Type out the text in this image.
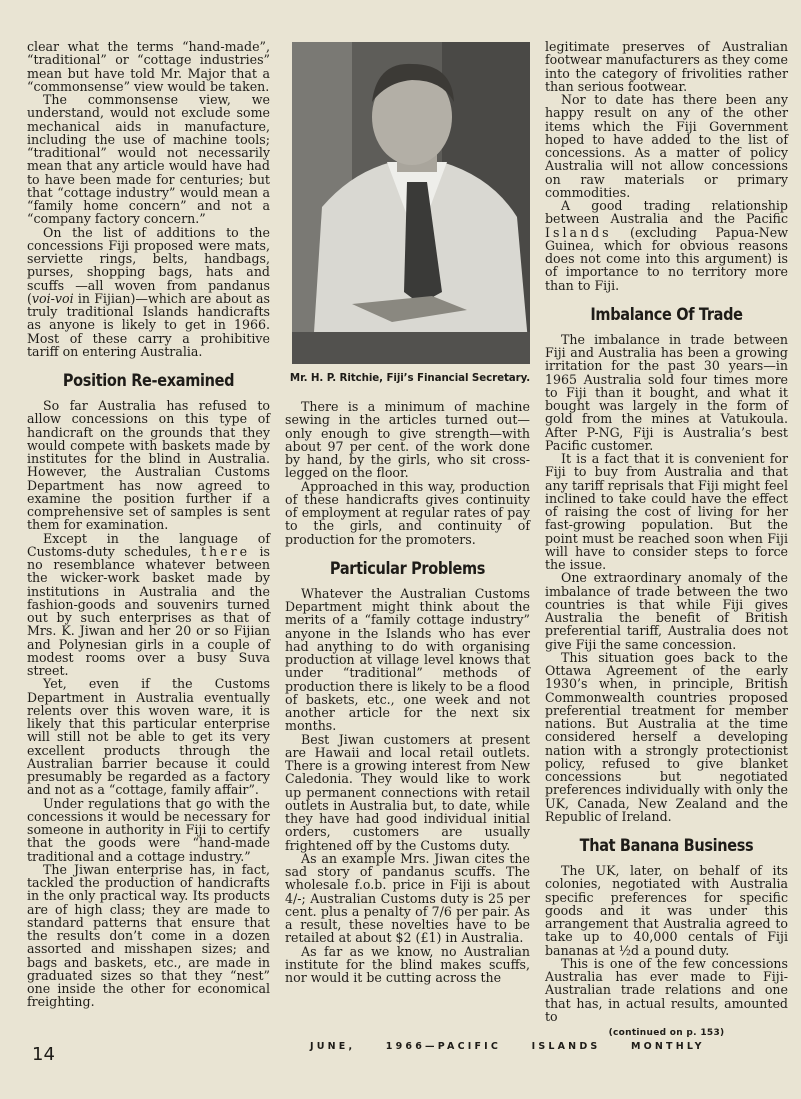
clear what the terms “hand-made”, “traditional” or “cottage industries” mean but have told Mr. Major that a “commonsense” view would be taken.

The commonsense view, we understand, would not exclude some mechanical aids in manufacture, including the use of machine tools; “traditional” would not necessarily mean that any article would have had to have been made for centuries; but that “cottage industry” would mean a “family home concern” and not a “company factory concern.”

On the list of additions to the concessions Fiji proposed were mats, serviette rings, belts, handbags, purses, shopping bags, hats and scuffs —all woven from pandanus (voi-voi in Fijian)—which are about as truly traditional Islands handicrafts as anyone is likely to get in 1966. Most of these carry a prohibitive tariff on entering Australia.

Position Re-examined

So far Australia has refused to allow concessions on this type of handicraft on the grounds that they would compete with baskets made by institutes for the blind in Australia. However, the Australian Customs Department has now agreed to examine the position further if a comprehensive set of samples is sent them for examination.

Except in the language of Customs-duty schedules, there is no resemblance whatever between the wicker-work basket made by institutions in Australia and the fashion-goods and souvenirs turned out by such enterprises as that of Mrs. K. Jiwan and her 20 or so Fijian and Polynesian girls in a couple of modest rooms over a busy Suva street.

Yet, even if the Customs Department in Australia eventually relents over this woven ware, it is likely that this particular enterprise will still not be able to get its very excellent products through the Australian barrier because it could presumably be regarded as a factory and not as a “cottage, family affair”.

Under regulations that go with the concessions it would be necessary for someone in authority in Fiji to certify that the goods were “hand-made traditional and a cottage industry.”

The Jiwan enterprise has, in fact, tackled the production of handicrafts in the only practical way. Its products are of high class; they are made to standard patterns that ensure that the results don’t come in a dozen assorted and misshapen sizes; and bags and baskets, etc., are made in graduated sizes so that they “nest” one inside the other for economical freighting.

Mr. H. P. Ritchie, Fiji’s Financial Secretary.

There is a minimum of machine sewing in the articles turned out—only enough to give strength—with about 97 per cent. of the work done by hand, by the girls, who sit cross-legged on the floor.

Approached in this way, production of these handicrafts gives continuity of employment at regular rates of pay to the girls, and continuity of production for the promoters.

Particular Problems

Whatever the Australian Customs Department might think about the merits of a “family cottage industry” anyone in the Islands who has ever had anything to do with organising production at village level knows that under “traditional” methods of production there is likely to be a flood of baskets, etc., one week and not another article for the next six months.

Best Jiwan customers at present are Hawaii and local retail outlets. There is a growing interest from New Caledonia. They would like to work up permanent connections with retail outlets in Australia but, to date, while they have had good individual initial orders, customers are usually frightened off by the Customs duty.

As an example Mrs. Jiwan cites the sad story of pandanus scuffs. The wholesale f.o.b. price in Fiji is about 4/-; Australian Customs duty is 25 per cent. plus a penalty of 7/6 per pair. As a result, these novelties have to be retailed at about $2 (£1) in Australia.

As far as we know, no Australian institute for the blind makes scuffs, nor would it be cutting across the

legitimate preserves of Australian footwear manufacturers as they come into the category of frivolities rather than serious footwear.

Nor to date has there been any happy result on any of the other items which the Fiji Government hoped to have added to the list of concessions. As a matter of policy Australia will not allow concessions on raw materials or primary commodities.

A good trading relationship between Australia and the Pacific Islands (excluding Papua-New Guinea, which for obvious reasons does not come into this argument) is of importance to no territory more than to Fiji.

Imbalance Of Trade

The imbalance in trade between Fiji and Australia has been a growing irritation for the past 30 years—in 1965 Australia sold four times more to Fiji than it bought, and what it bought was largely in the form of gold from the mines at Vatukoula. After P-NG, Fiji is Australia’s best Pacific customer.

It is a fact that it is convenient for Fiji to buy from Australia and that any tariff reprisals that Fiji might feel inclined to take could have the effect of raising the cost of living for her fast-growing population. But the point must be reached soon when Fiji will have to consider steps to force the issue.

One extraordinary anomaly of the imbalance of trade between the two countries is that while Fiji gives Australia the benefit of British preferential tariff, Australia does not give Fiji the same concession.

This situation goes back to the Ottawa Agreement of the early 1930’s when, in principle, British Commonwealth countries proposed preferential treatment for member nations. But Australia at the time considered herself a developing nation with a strongly protectionist policy, refused to give blanket concessions but negotiated preferences individually with only the UK, Canada, New Zealand and the Republic of Ireland.

That Banana Business

The UK, later, on behalf of its colonies, negotiated with Australia specific preferences for specific goods and it was under this arrangement that Australia agreed to take up to 40,000 centals of Fiji bananas at ½d a pound duty.

This is one of the few concessions Australia has ever made to Fiji-Australian trade relations and one that has, in actual results, amounted to

(continued on p. 153)
14	JUNE, 1966—PACIFIC ISLANDS MONTHLY
